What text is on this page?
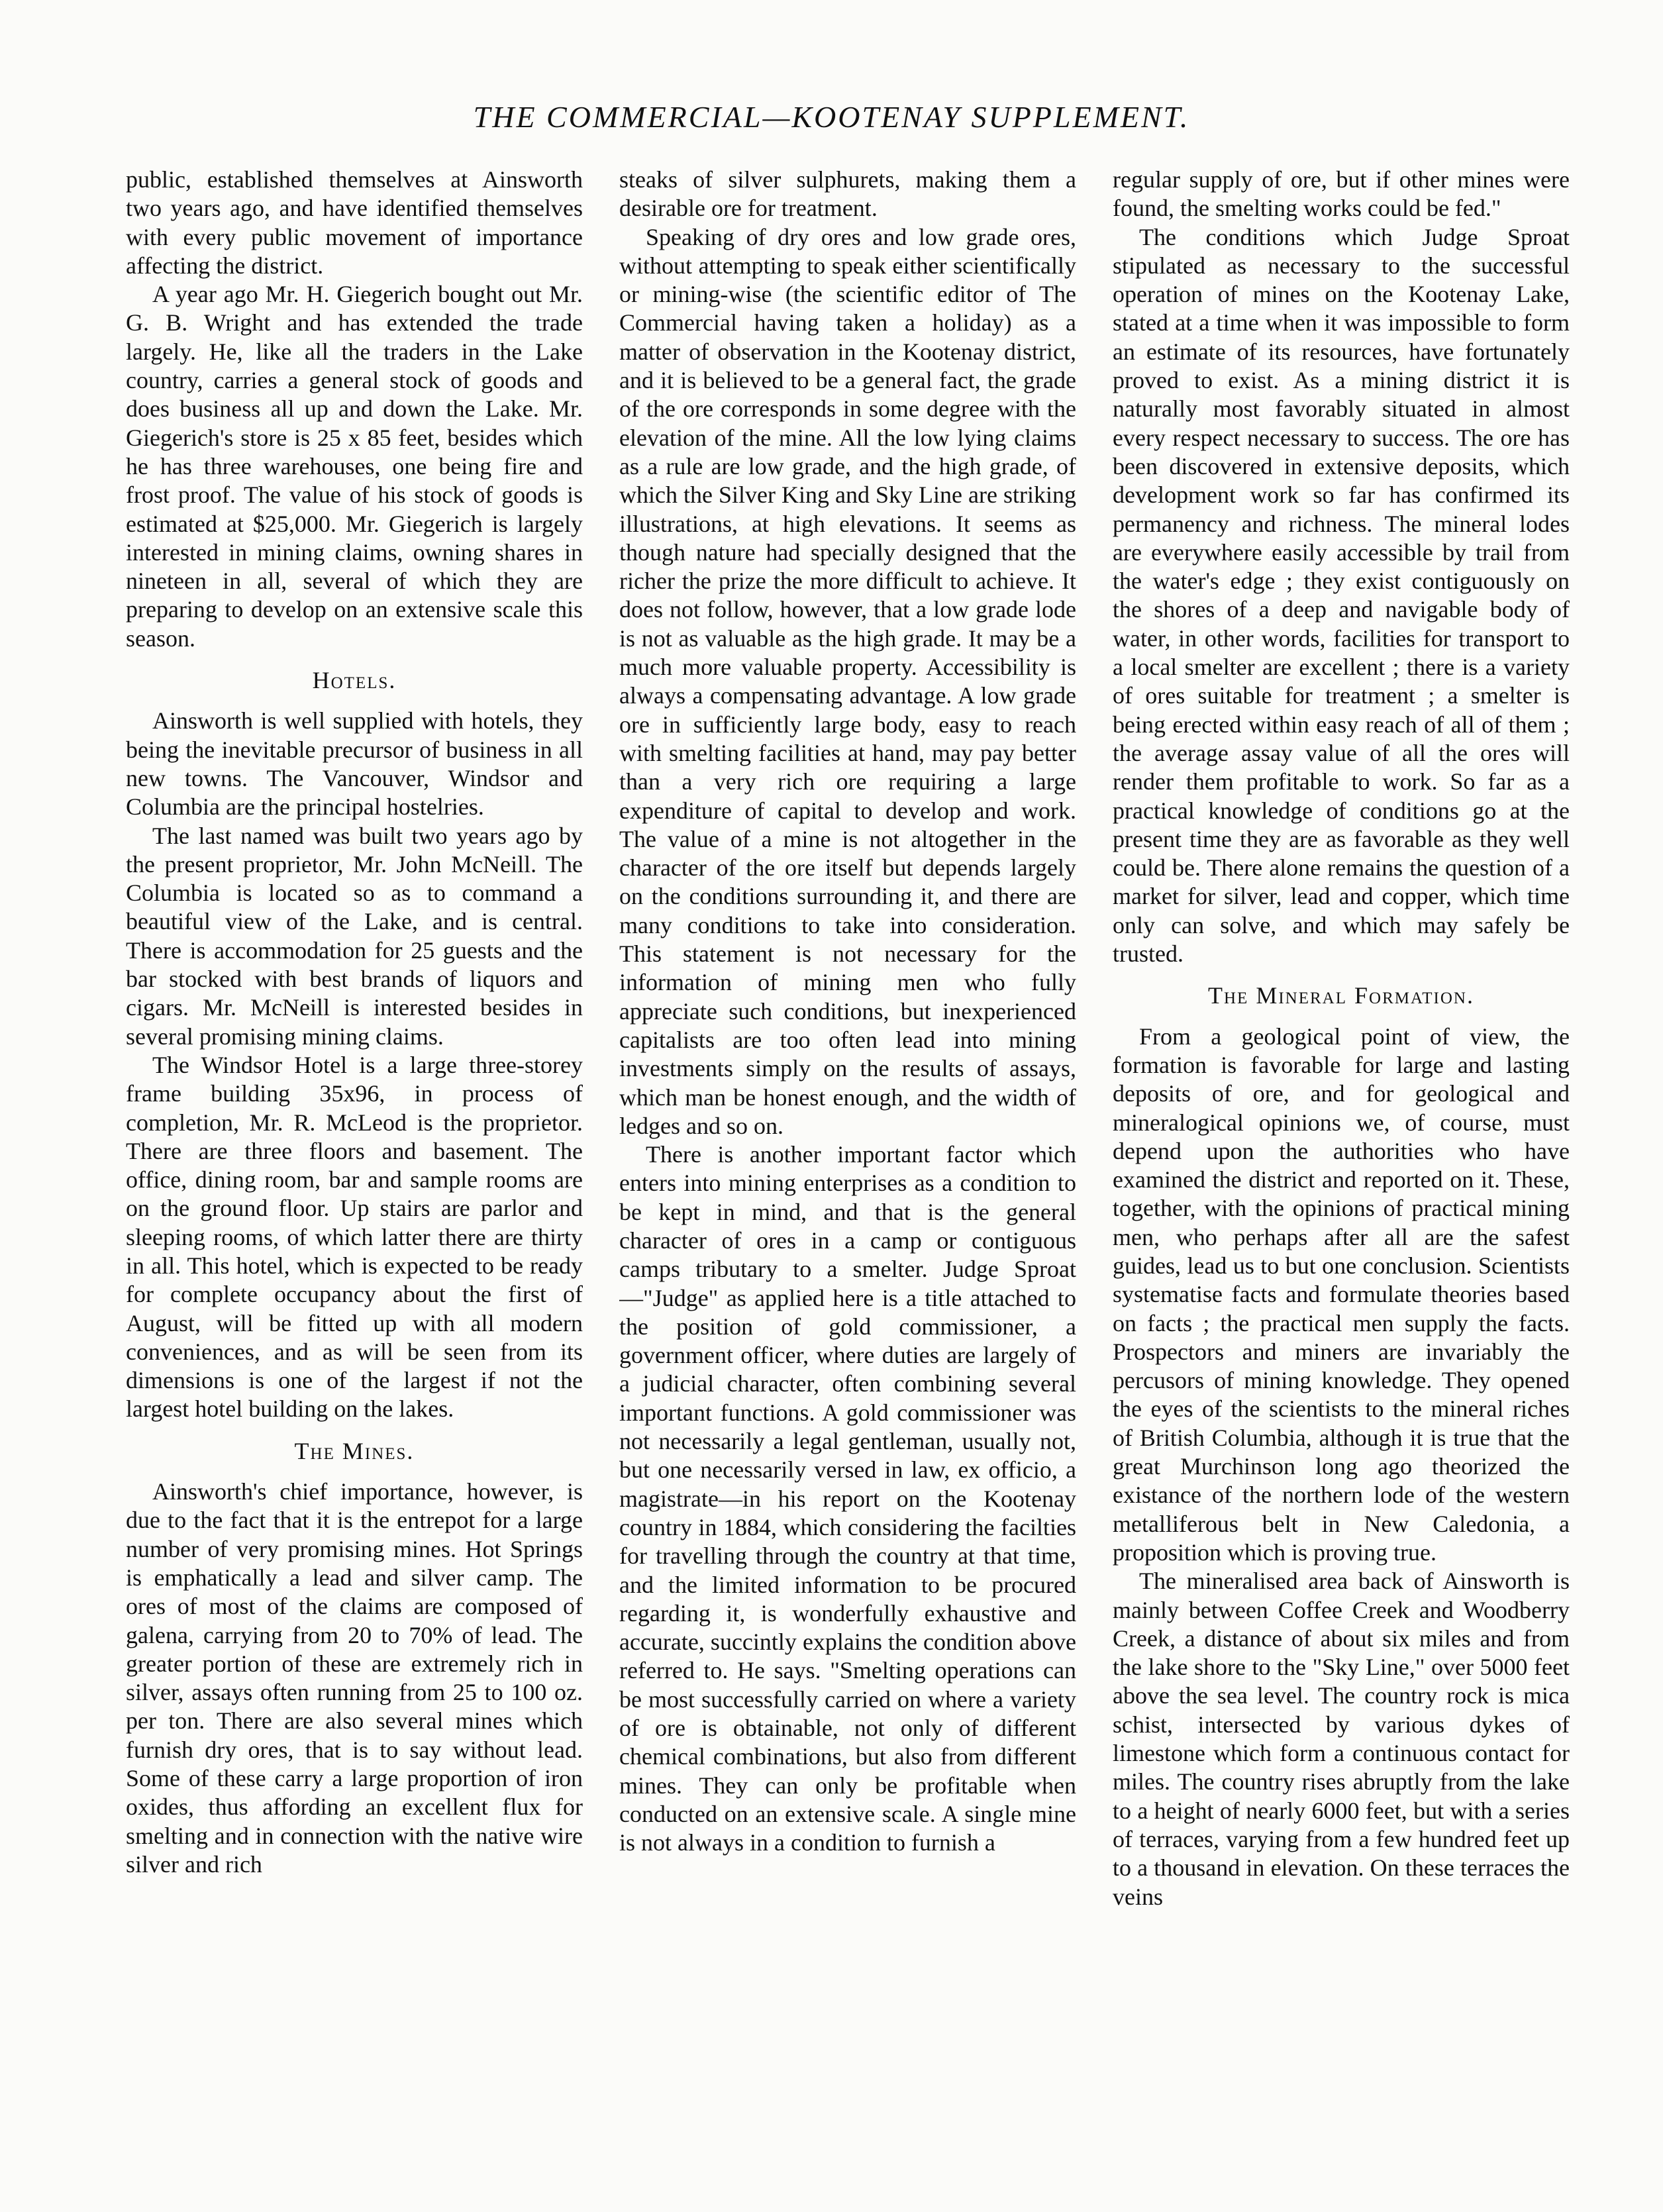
THE COMMERCIAL—KOOTENAY SUPPLEMENT.

public, established themselves at Ainsworth two years ago, and have identified themselves with every public movement of importance affecting the district.

A year ago Mr. H. Giegerich bought out Mr. G. B. Wright and has extended the trade largely. He, like all the traders in the Lake country, carries a general stock of goods and does business all up and down the Lake. Mr. Giegerich's store is 25 x 85 feet, besides which he has three warehouses, one being fire and frost proof. The value of his stock of goods is estimated at $25,000. Mr. Giegerich is largely interested in mining claims, owning shares in nineteen in all, several of which they are preparing to develop on an extensive scale this season.

Hotels.

Ainsworth is well supplied with hotels, they being the inevitable precursor of business in all new towns. The Vancouver, Windsor and Columbia are the principal hostelries.

The last named was built two years ago by the present proprietor, Mr. John McNeill. The Columbia is located so as to command a beautiful view of the Lake, and is central. There is accommodation for 25 guests and the bar stocked with best brands of liquors and cigars. Mr. McNeill is interested besides in several promising mining claims.

The Windsor Hotel is a large three-storey frame building 35x96, in process of completion, Mr. R. McLeod is the proprietor. There are three floors and basement. The office, dining room, bar and sample rooms are on the ground floor. Up stairs are parlor and sleeping rooms, of which latter there are thirty in all. This hotel, which is expected to be ready for complete occupancy about the first of August, will be fitted up with all modern conveniences, and as will be seen from its dimensions is one of the largest if not the largest hotel building on the lakes.

The Mines.

Ainsworth's chief importance, however, is due to the fact that it is the entrepot for a large number of very promising mines. Hot Springs is emphatically a lead and silver camp. The ores of most of the claims are composed of galena, carrying from 20 to 70% of lead. The greater portion of these are extremely rich in silver, assays often running from 25 to 100 oz. per ton. There are also several mines which furnish dry ores, that is to say without lead. Some of these carry a large proportion of iron oxides, thus affording an excellent flux for smelting and in connection with the native wire silver and rich

steaks of silver sulphurets, making them a desirable ore for treatment.

Speaking of dry ores and low grade ores, without attempting to speak either scientifically or mining-wise (the scientific editor of The Commercial having taken a holiday) as a matter of observation in the Kootenay district, and it is believed to be a general fact, the grade of the ore corresponds in some degree with the elevation of the mine. All the low lying claims as a rule are low grade, and the high grade, of which the Silver King and Sky Line are striking illustrations, at high elevations. It seems as though nature had specially designed that the richer the prize the more difficult to achieve. It does not follow, however, that a low grade lode is not as valuable as the high grade. It may be a much more valuable property. Accessibility is always a compensating advantage. A low grade ore in sufficiently large body, easy to reach with smelting facilities at hand, may pay better than a very rich ore requiring a large expenditure of capital to develop and work. The value of a mine is not altogether in the character of the ore itself but depends largely on the conditions surrounding it, and there are many conditions to take into consideration. This statement is not necessary for the information of mining men who fully appreciate such conditions, but inexperienced capitalists are too often lead into mining investments simply on the results of assays, which man be honest enough, and the width of ledges and so on.

There is another important factor which enters into mining enterprises as a condition to be kept in mind, and that is the general character of ores in a camp or contiguous camps tributary to a smelter. Judge Sproat—"Judge" as applied here is a title attached to the position of gold commissioner, a government officer, where duties are largely of a judicial character, often combining several important functions. A gold commissioner was not necessarily a legal gentleman, usually not, but one necessarily versed in law, ex officio, a magistrate—in his report on the Kootenay country in 1884, which considering the facilties for travelling through the country at that time, and the limited information to be procured regarding it, is wonderfully exhaustive and accurate, succintly explains the condition above referred to. He says. "Smelting operations can be most successfully carried on where a variety of ore is obtainable, not only of different chemical combinations, but also from different mines. They can only be profitable when conducted on an extensive scale. A single mine is not always in a condition to furnish a

regular supply of ore, but if other mines were found, the smelting works could be fed."

The conditions which Judge Sproat stipulated as necessary to the successful operation of mines on the Kootenay Lake, stated at a time when it was impossible to form an estimate of its resources, have fortunately proved to exist. As a mining district it is naturally most favorably situated in almost every respect necessary to success. The ore has been discovered in extensive deposits, which development work so far has confirmed its permanency and richness. The mineral lodes are everywhere easily accessible by trail from the water's edge ; they exist contiguously on the shores of a deep and navigable body of water, in other words, facilities for transport to a local smelter are excellent ; there is a variety of ores suitable for treatment ; a smelter is being erected within easy reach of all of them ; the average assay value of all the ores will render them profitable to work. So far as a practical knowledge of conditions go at the present time they are as favorable as they well could be. There alone remains the question of a market for silver, lead and copper, which time only can solve, and which may safely be trusted.

The Mineral Formation.

From a geological point of view, the formation is favorable for large and lasting deposits of ore, and for geological and mineralogical opinions we, of course, must depend upon the authorities who have examined the district and reported on it. These, together, with the opinions of practical mining men, who perhaps after all are the safest guides, lead us to but one conclusion. Scientists systematise facts and formulate theories based on facts ; the practical men supply the facts. Prospectors and miners are invariably the percusors of mining knowledge. They opened the eyes of the scientists to the mineral riches of British Columbia, although it is true that the great Murchinson long ago theorized the existance of the northern lode of the western metalliferous belt in New Caledonia, a proposition which is proving true.

The mineralised area back of Ainsworth is mainly between Coffee Creek and Woodberry Creek, a distance of about six miles and from the lake shore to the "Sky Line," over 5000 feet above the sea level. The country rock is mica schist, intersected by various dykes of limestone which form a continuous contact for miles. The country rises abruptly from the lake to a height of nearly 6000 feet, but with a series of terraces, varying from a few hundred feet up to a thousand in elevation. On these terraces the veins
